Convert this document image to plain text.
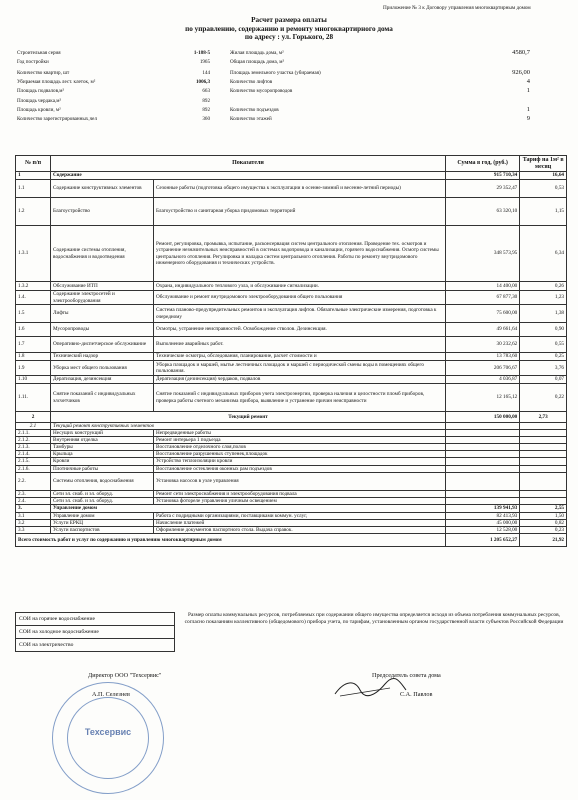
Приложение № 3 к Договору управления многоквартирным домом
Расчет размера оплаты
по управлению, содержанию и ремонту многоквартирного дома
по адресу : ул. Горького, 28
Строительная серия	1-188-5
Год постройки	1965
Количество квартир, шт	144
Убираемая площадь лест. клеток, м²	1006,3
Площадь подвалов,м²	663
Площадь чердака,м²	892
Площадь кровли, м²	892
Количество зарегистрированных,чел	360
Жилая площадь дома, м²	4580,7
Общая площадь дома, м²
Площадь земельного участка (убираемая)	926,00
Количество лифтов	4
Количество мусоропроводов	1
Количество подъездов	1
Количество этажей	9
№ п/п	Показатели		Сумма в год, (руб.)	Тариф на 1м² в месяц
1	Содержание		915 710,34	16,64
1.1	Содержание конструктивных элементов	Сезонные работы (подготовка общего имущества к эксплуатации в осенне-зимний и весенне-летний периоды)	29 352,47	0,53
1.2	Благоустройство	Благоустройство и санитарная уборка придомовых территорий	63 320,10	1,15
1.3.1	Содержание системы отопления, водоснабжения и водоотведения	Ремонт, регулировка, промывка, испытание, расконсервация систем центрального отопления. Проведение тех. осмотров и устранение незначительных неисправностей в системах водопровода и канализации, горячего водоснабжения. Осмотр системы центрального отопления. Регулировка и наладка систем центрального отопления. Работы по ремонту внутридомового инженерного оборудования и технических устройств.	348 573,95	6,34
1.3.2	Обслуживание ИТП	Охрана, индивидуального теплового узла, и обслуживание сигнализации.	14 400,00	0,26
1.4.	Содержание электросетей и электрооборудования	Обслуживание и ремонт внутридомового электрооборудования общего пользования	67 877,30	1,23
1.5	Лифты	Система планово-предупредительных ремонтов и эксплуатация лифтов. Обязательные электрические измерения, подготовка к очередному	75 600,00	1,38
1.6	Мусоропроводы	Осмотры, устранение неисправностей. Освобождение стволов. Дезинсекция.	49 661,64	0,90
1.7	Оперативно-диспетчерское обслуживание	Выполнение аварийных работ.	30 232,62	0,55
1.8	Технический надзор	Технические осмотры, обследования, планирование, расчет стоимости и	13 783,60	0,25
1.9	Уборка мест общего пользования	Уборка площадок и маршей, мытье лестничных площадок и маршей с периодической смены воды в помещениях общего пользования.	206 706,67	3,76
1.10	Дератизация, дезинсекция	Дератизация (дезинсекция) чердаков, подвалов	4 036,87	0,07
1.11.	Снятие показаний с индивидуальных элсчетчиков	Снятие показаний с индивидуальных приборов учета электроэнергии, проверка наличия и целостности пломб приборов, проверка работы счетного механизма прибора, выявление и устранение причин неисправности	12 165,12	0,22
2	Текущий ремонт		150 000,00	2,73
2.1	Текущий ремонт конструктивных элементов			
2.1.1.	Несущих конструкций	Непредвиденные работы		
2.1.2.	Внутренняя отделка	Ремонт интерьера 1 подъезда		
2.1.3.	Тамбуры	Восстановление отделочного слоя,полов		
2.1.4.	Крыльца	Восстановление разрушенных ступенек,площадок		
2.1.5.	Кровли	Устройство теплоизоляции кровли		
2.1.6.	Плотничные работы	Восстановление остекления оконных рам подъездов		
2.2.	Системы отопления, водоснабжения	Установка насосов в узле управления		
2.3.	Сети эл. снаб. и эл. оборуд.	Ремонт сети электроснабжения и электрооборудования подвала		
2.4.	Сети эл. снаб. и эл. оборуд.	Установка фотореле управления уличным освещением		
3.	Управление домом		139 941,93	2,55
3.1	Управление домом	Работа с подрядными организациями, поставщиками коммун. услуг,	82 413,93	1,50
3.2	Услуги ЕРКЦ	Начисление платежей	45 000,00	0,82
3.3	Услуги паспортистов	Оформление документов паспортного стола. Выдача справок.	12 528,00	0,23
Всего стоимость работ и услуг по содержанию и управлению многоквартирным домом			1 205 652,27	21,92
СОИ на горячее водоснабжение
СОИ на холодное водоснабжение
СОИ на электричество
Размер оплаты коммунальных ресурсов, потребляемых при содержании общего имущества определяется исходя из объема потребления коммунальных ресурсов, согласно показаниям коллективного (общедомового) прибора учета, по тарифам, установленным органом государственной власти субъектов Российской Федерации
Директор ООО "Техсервис"
А.П. Селезнев
Председатель совета дома
С.А. Павлов
Техсервис
